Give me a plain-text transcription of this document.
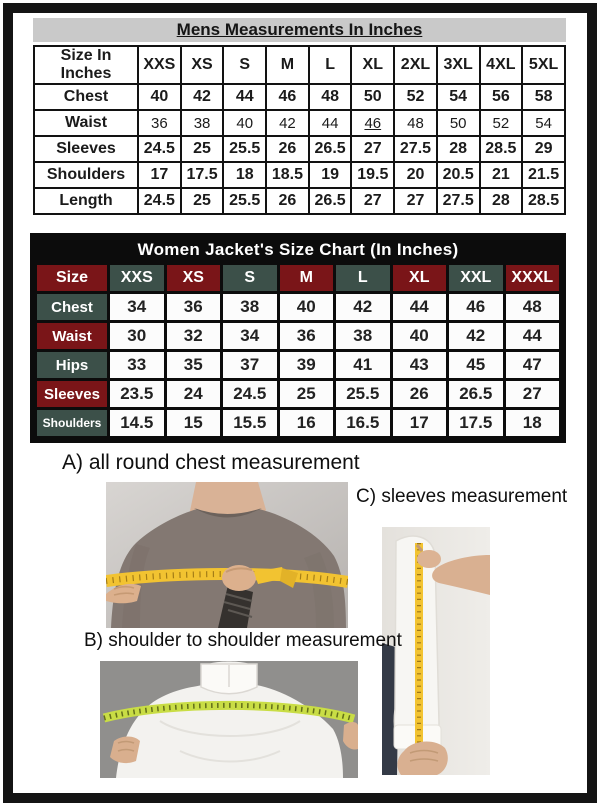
Mens Measurements In Inches
Size In Inches	XXS	XS	S	M	L	XL	2XL	3XL	4XL	5XL
Chest	40	42	44	46	48	50	52	54	56	58
Waist	36	38	40	42	44	46	48	50	52	54
Sleeves	24.5	25	25.5	26	26.5	27	27.5	28	28.5	29
Shoulders	17	17.5	18	18.5	19	19.5	20	20.5	21	21.5
Length	24.5	25	25.5	26	26.5	27	27	27.5	28	28.5
Women Jacket's Size Chart (In Inches)
Size	XXS	XS	S	M	L	XL	XXL	XXXL
Chest	34	36	38	40	42	44	46	48
Waist	30	32	34	36	38	40	42	44
Hips	33	35	37	39	41	43	45	47
Sleeves	23.5	24	24.5	25	25.5	26	26.5	27
Shoulders	14.5	15	15.5	16	16.5	17	17.5	18
A) all round chest measurement
C) sleeves measurement
B) shoulder to shoulder measurement
